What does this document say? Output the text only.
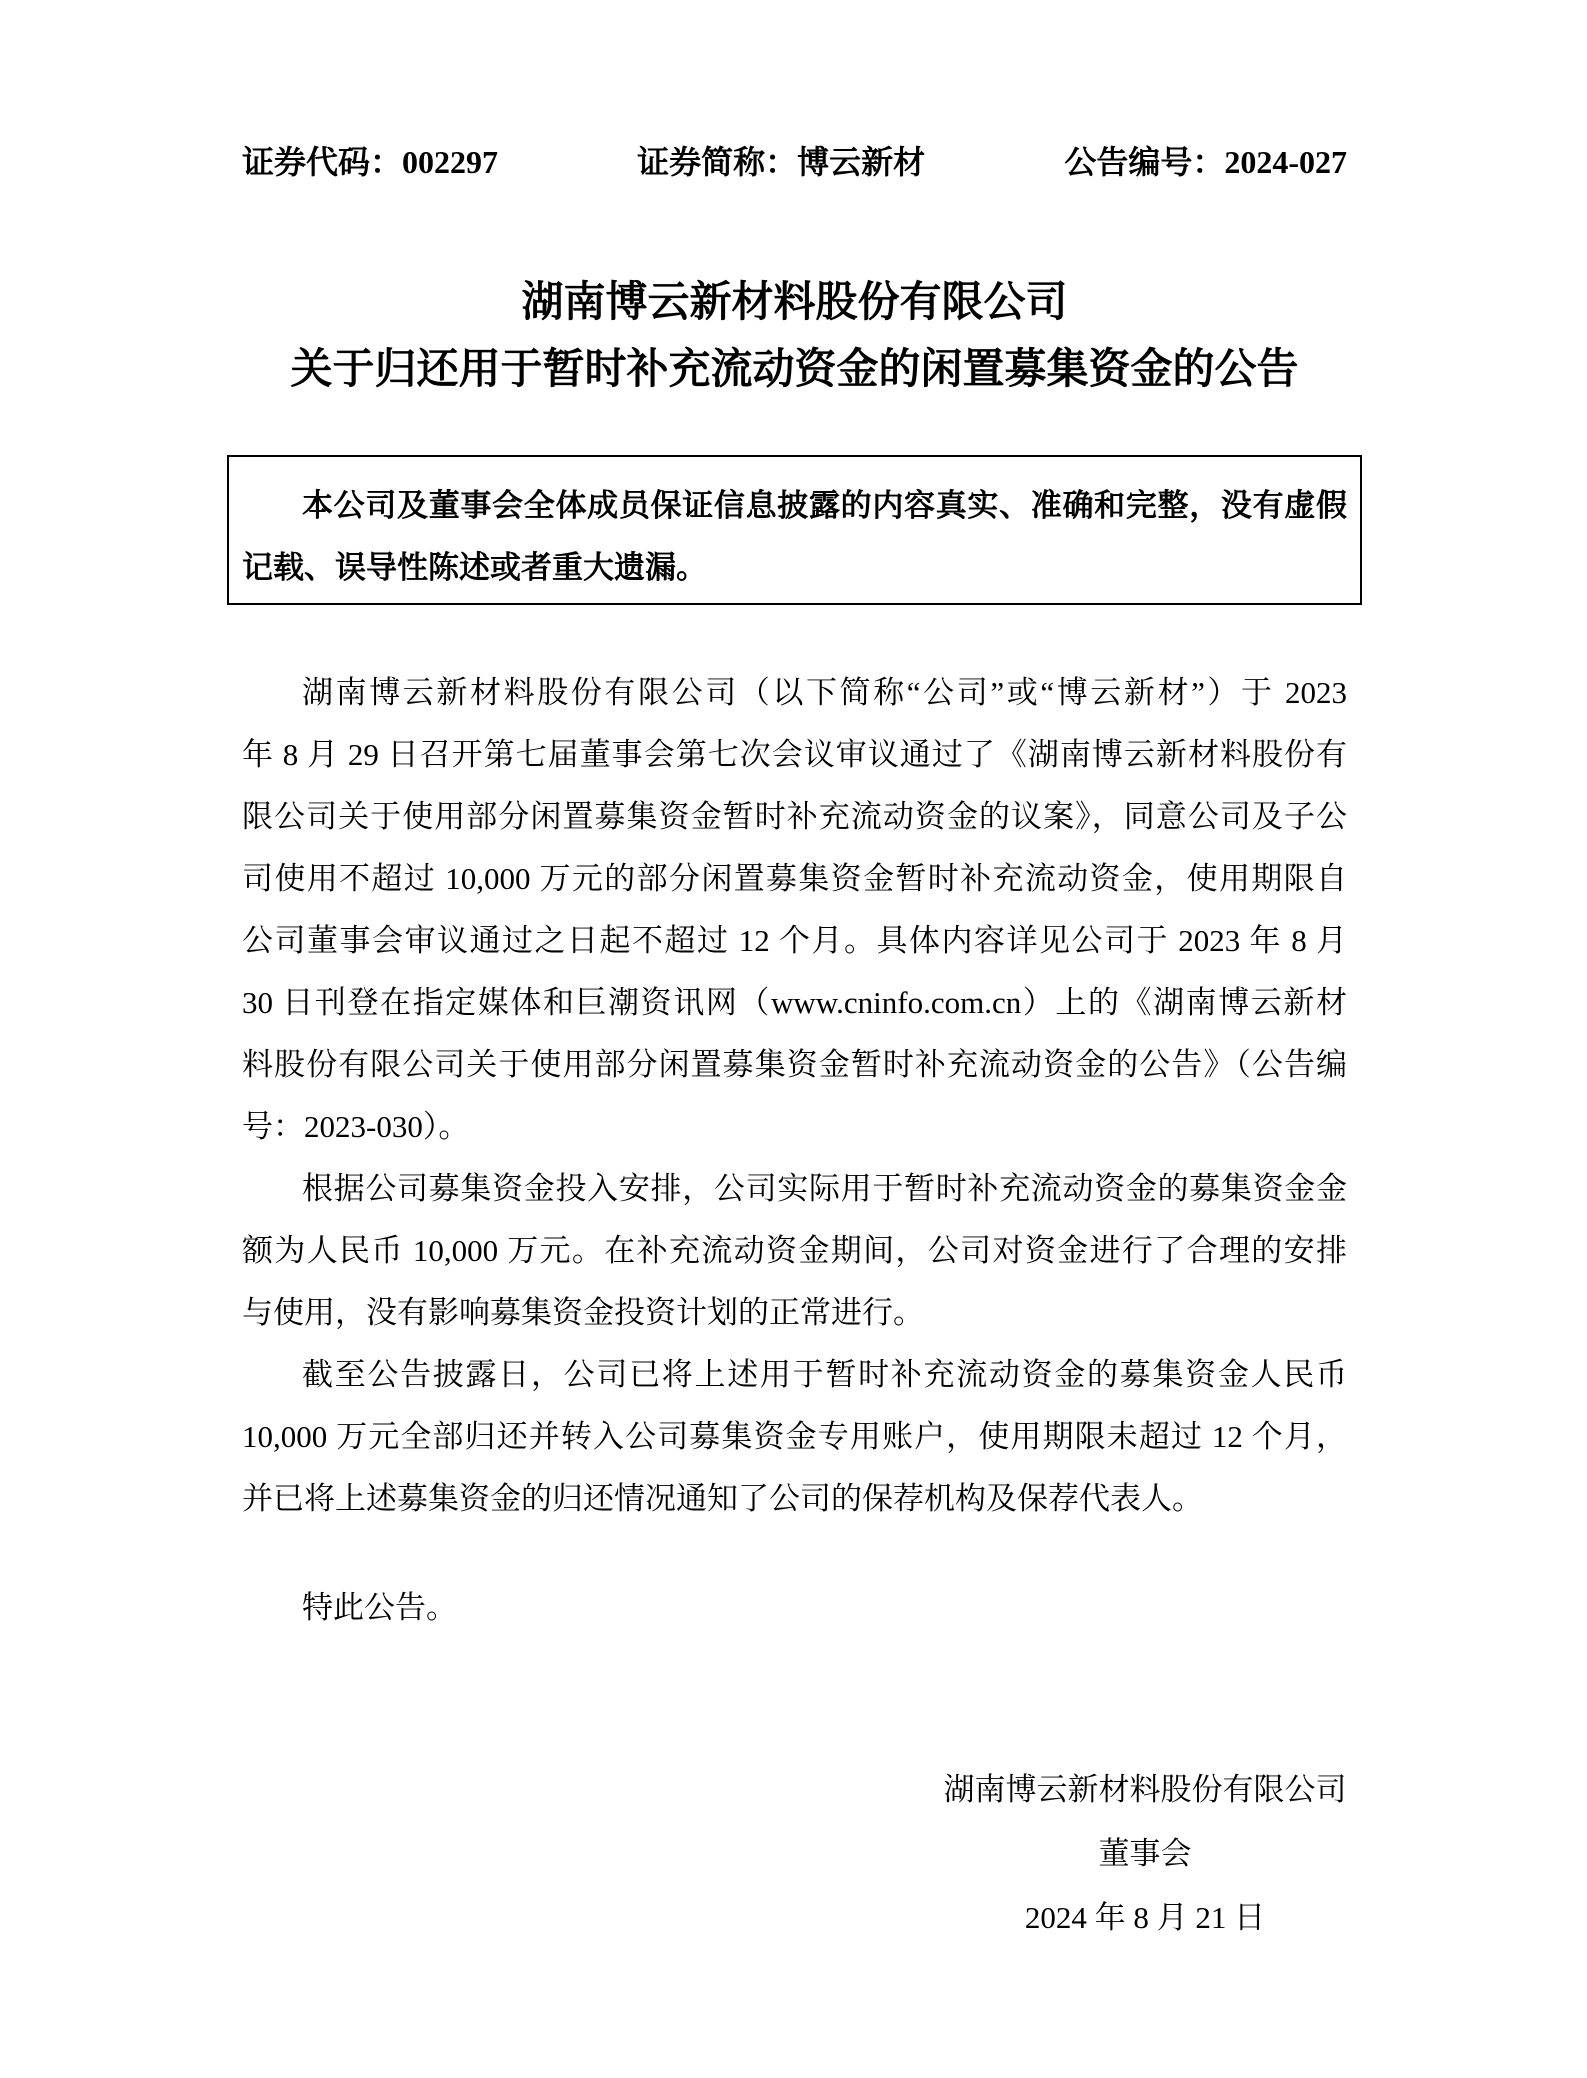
证券代码：002297	证券简称：博云新材	公告编号：2024-027
湖南博云新材料股份有限公司
关于归还用于暂时补充流动资金的闲置募集资金的公告
本公司及董事会全体成员保证信息披露的内容真实、准确和完整，没有虚假
记载、误导性陈述或者重大遗漏。
湖南博云新材料股份有限公司（以下简称“公司”或“博云新材”）于 2023
年 8 月 29 日召开第七届董事会第七次会议审议通过了《湖南博云新材料股份有
限公司关于使用部分闲置募集资金暂时补充流动资金的议案》，同意公司及子公
司使用不超过 10,000 万元的部分闲置募集资金暂时补充流动资金，使用期限自
公司董事会审议通过之日起不超过 12 个月。具体内容详见公司于 2023 年 8 月
30 日刊登在指定媒体和巨潮资讯网（www.cninfo.com.cn）上的《湖南博云新材
料股份有限公司关于使用部分闲置募集资金暂时补充流动资金的公告》（公告编
号：2023-030）。
根据公司募集资金投入安排，公司实际用于暂时补充流动资金的募集资金金
额为人民币 10,000 万元。在补充流动资金期间，公司对资金进行了合理的安排
与使用，没有影响募集资金投资计划的正常进行。
截至公告披露日，公司已将上述用于暂时补充流动资金的募集资金人民币
10,000 万元全部归还并转入公司募集资金专用账户，使用期限未超过 12 个月，
并已将上述募集资金的归还情况通知了公司的保荐机构及保荐代表人。
特此公告。
湖南博云新材料股份有限公司
董事会
2024 年 8 月 21 日
